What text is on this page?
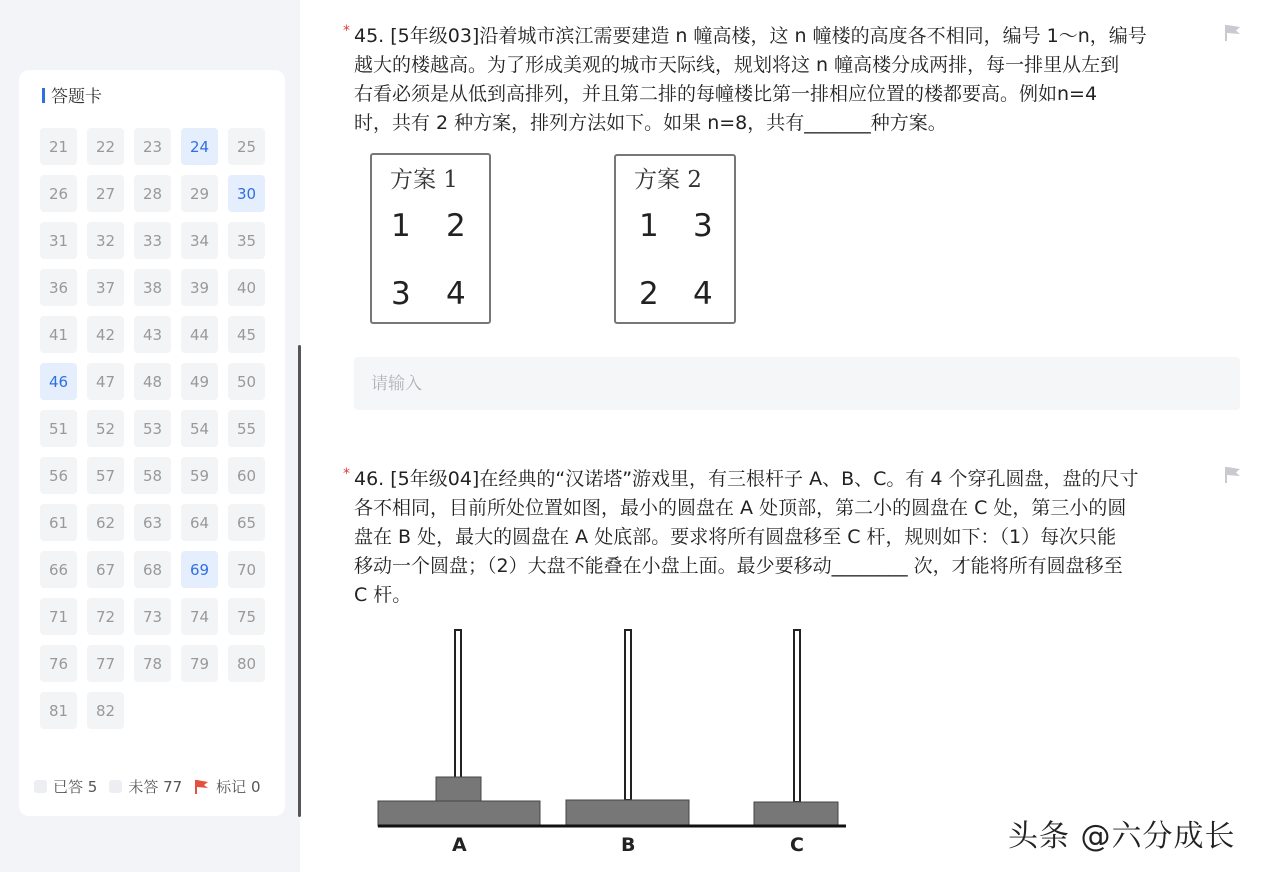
答题卡
21	22	23	24	25
26	27	28	29	30
31	32	33	34	35
36	37	38	39	40
41	42	43	44	45
46	47	48	49	50
51	52	53	54	55
56	57	58	59	60
61	62	63	64	65
66	67	68	69	70
71	72	73	74	75
76	77	78	79	80
81	82
已答 5 未答 77 标记 0
* 45. [5年级03]沿着城市滨江需要建造 n 幢高楼，这 n 幢楼的高度各不相同，编号 1～n，编号
越大的楼越高。为了形成美观的城市天际线，规划将这 n 幢高楼分成两排，每一排里从左到
右看必须是从低到高排列，并且第二排的每幢楼比第一排相应位置的楼都要高。例如n=4
时，共有 2 种方案，排列方法如下。如果 n=8，共有_______种方案。
方案 1
1 2
3 4
方案 2
1 3
2 4
请输入
* 46. [5年级04]在经典的“汉诺塔”游戏里，有三根杆子 A、B、C。有 4 个穿孔圆盘，盘的尺寸
各不相同，目前所处位置如图，最小的圆盘在 A 处顶部，第二小的圆盘在 C 处，第三小的圆
盘在 B 处，最大的圆盘在 A 处底部。要求将所有圆盘移至 C 杆，规则如下：（1）每次只能
移动一个圆盘；（2）大盘不能叠在小盘上面。最少要移动________ 次，才能将所有圆盘移至
C 杆。
A	B	C	头条 @六分成长
